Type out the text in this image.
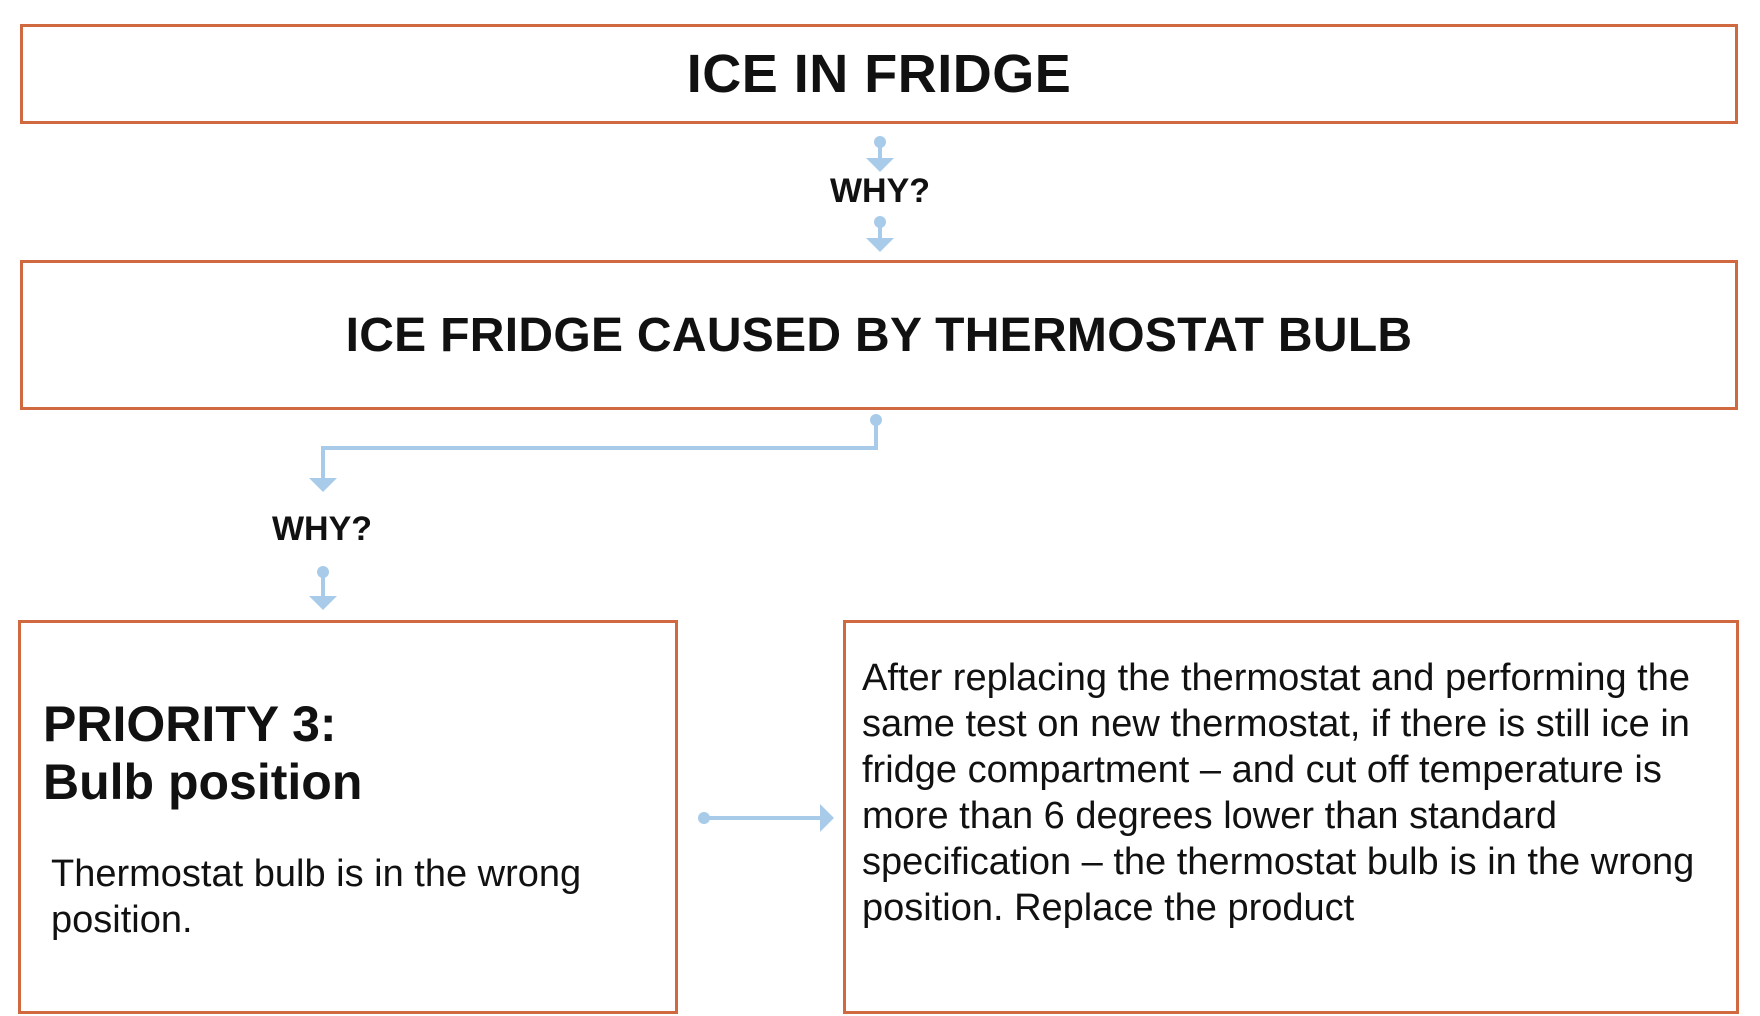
ICE IN FRIDGE
WHY?
ICE FRIDGE CAUSED BY THERMOSTAT BULB
WHY?
PRIORITY 3:
Bulb position
Thermostat bulb is in the wrong position.
After replacing the thermostat and performing the same test on new thermostat, if there is still ice in fridge compartment – and cut off temperature is more than 6 degrees lower than standard specification – the thermostat bulb is in the wrong position. Replace the product
